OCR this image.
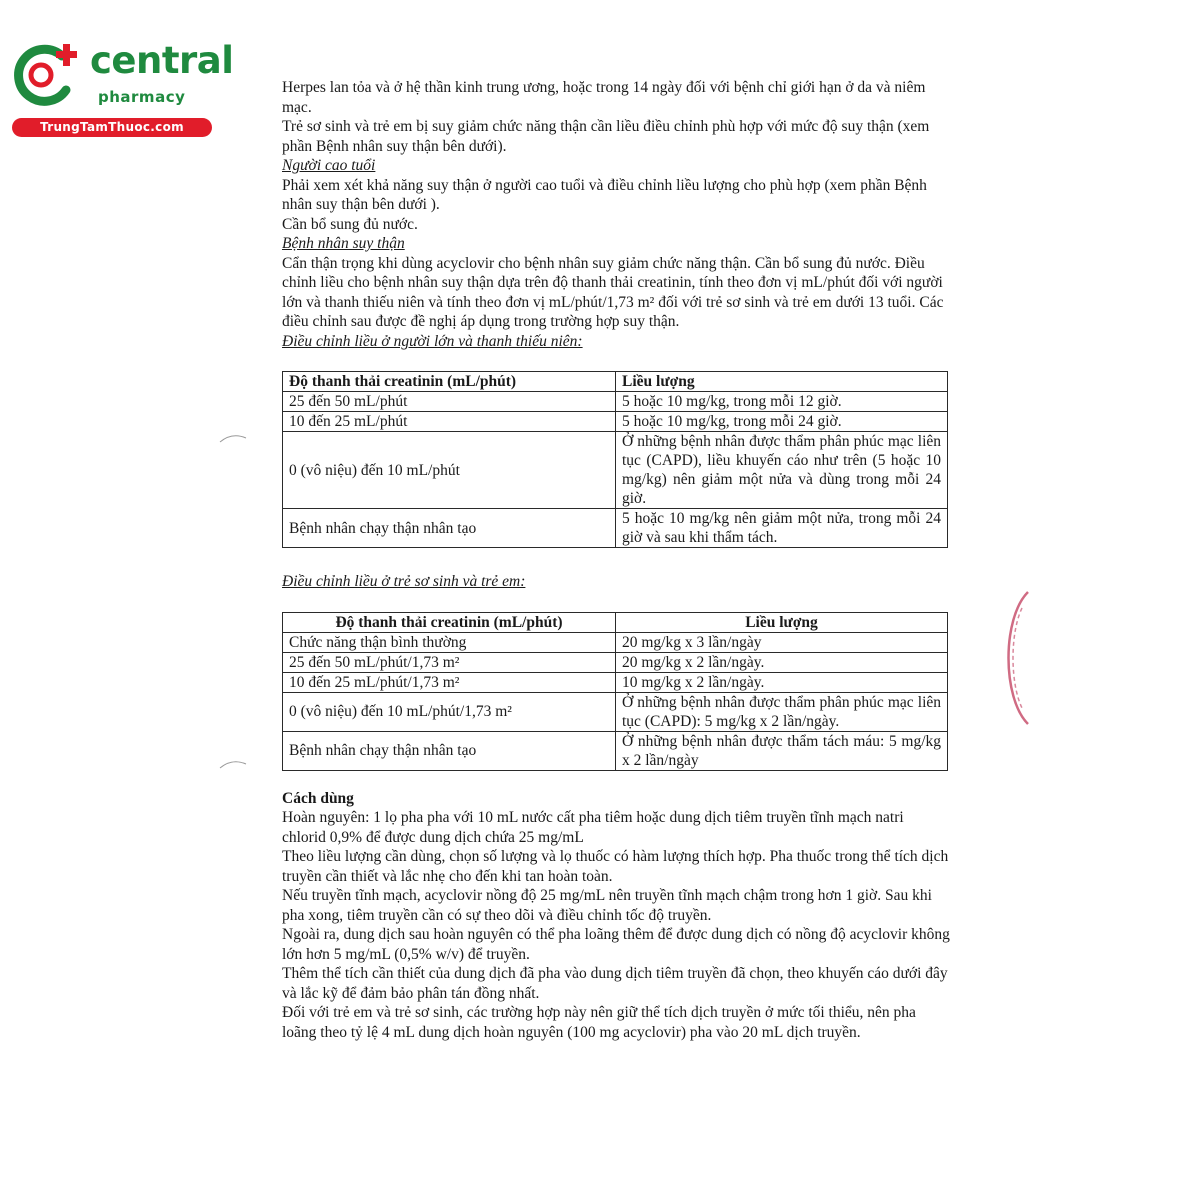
central
pharmacy
TrungTamThuoc.com

Herpes lan tỏa và ở hệ thần kinh trung ương, hoặc trong 14 ngày đối với bệnh chỉ giới hạn ở da và niêm mạc.

Trẻ sơ sinh và trẻ em bị suy giảm chức năng thận cần liều điều chỉnh phù hợp với mức độ suy thận (xem phần Bệnh nhân suy thận bên dưới).

Người cao tuổi

Phải xem xét khả năng suy thận ở người cao tuổi và điều chỉnh liều lượng cho phù hợp (xem phần Bệnh nhân suy thận bên dưới ).

Cần bổ sung đủ nước.

Bệnh nhân suy thận

Cẩn thận trọng khi dùng acyclovir cho bệnh nhân suy giảm chức năng thận. Cần bổ sung đủ nước. Điều chỉnh liều cho bệnh nhân suy thận dựa trên độ thanh thải creatinin, tính theo đơn vị mL/phút đối với người lớn và thanh thiếu niên và tính theo đơn vị mL/phút/1,73 m² đối với trẻ sơ sinh và trẻ em dưới 13 tuổi. Các điều chỉnh sau được đề nghị áp dụng trong trường hợp suy thận.

Điều chỉnh liều ở người lớn và thanh thiếu niên:

Độ thanh thải creatinin (mL/phút)	Liều lượng
25 đến 50 mL/phút	5 hoặc 10 mg/kg, trong mỗi 12 giờ.
10 đến 25 mL/phút	5 hoặc 10 mg/kg, trong mỗi 24 giờ.
0 (vô niệu) đến 10 mL/phút	Ở những bệnh nhân được thẩm phân phúc mạc liên tục (CAPD), liều khuyến cáo như trên (5 hoặc 10 mg/kg) nên giảm một nửa và dùng trong mỗi 24 giờ.
Bệnh nhân chạy thận nhân tạo	5 hoặc 10 mg/kg nên giảm một nửa, trong mỗi 24 giờ và sau khi thẩm tách.

Điều chỉnh liều ở trẻ sơ sinh và trẻ em:

Độ thanh thải creatinin (mL/phút)	Liều lượng
Chức năng thận bình thường	20 mg/kg x 3 lần/ngày
25 đến 50 mL/phút/1,73 m²	20 mg/kg x 2 lần/ngày.
10 đến 25 mL/phút/1,73 m²	10 mg/kg x 2 lần/ngày.
0 (vô niệu) đến 10 mL/phút/1,73 m²	Ở những bệnh nhân được thẩm phân phúc mạc liên tục (CAPD): 5 mg/kg x 2 lần/ngày.
Bệnh nhân chạy thận nhân tạo	Ở những bệnh nhân được thẩm tách máu: 5 mg/kg x 2 lần/ngày

Cách dùng

Hoàn nguyên: 1 lọ pha pha với 10 mL nước cất pha tiêm hoặc dung dịch tiêm truyền tĩnh mạch natri chlorid 0,9% để được dung dịch chứa 25 mg/mL

Theo liều lượng cần dùng, chọn số lượng và lọ thuốc có hàm lượng thích hợp. Pha thuốc trong thể tích dịch truyền cần thiết và lắc nhẹ cho đến khi tan hoàn toàn.

Nếu truyền tĩnh mạch, acyclovir nồng độ 25 mg/mL nên truyền tĩnh mạch chậm trong hơn 1 giờ. Sau khi pha xong, tiêm truyền cần có sự theo dõi và điều chỉnh tốc độ truyền.

Ngoài ra, dung dịch sau hoàn nguyên có thể pha loãng thêm để được dung dịch có nồng độ acyclovir không lớn hơn 5 mg/mL (0,5% w/v) để truyền.

Thêm thể tích cần thiết của dung dịch đã pha vào dung dịch tiêm truyền đã chọn, theo khuyến cáo dưới đây và lắc kỹ để đảm bảo phân tán đồng nhất.

Đối với trẻ em và trẻ sơ sinh, các trường hợp này nên giữ thể tích dịch truyền ở mức tối thiểu, nên pha loãng theo tỷ lệ 4 mL dung dịch hoàn nguyên (100 mg acyclovir) pha vào 20 mL dịch truyền.
